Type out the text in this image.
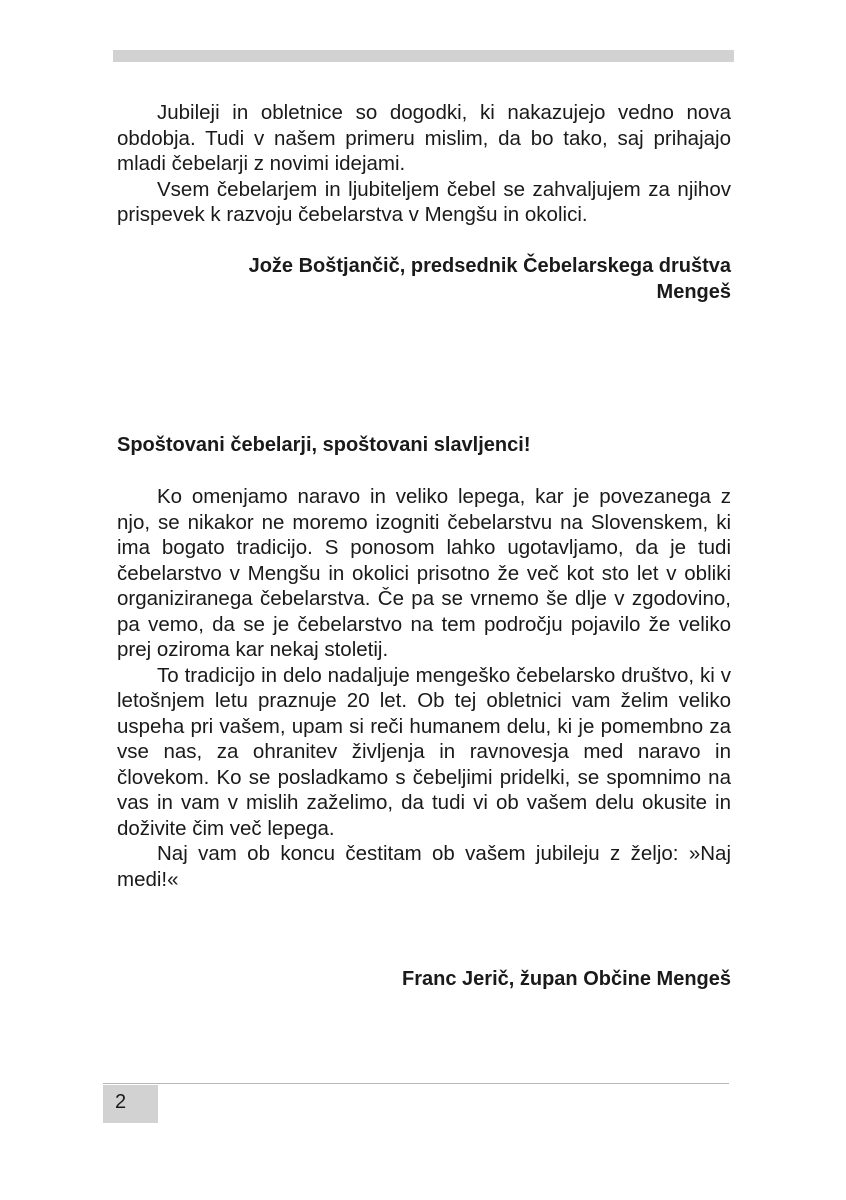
Jubileji in obletnice so dogodki, ki nakazujejo vedno nova obdobja. Tudi v našem primeru mislim, da bo tako, saj prihajajo mladi čebelarji z novimi idejami.

Vsem čebelarjem in ljubiteljem čebel se zahvaljujem za njihov prispevek k razvoju čebelarstva v Mengšu in okolici.

Jože Boštjančič, predsednik Čebelarskega društva
Mengeš
Spoštovani čebelarji, spoštovani slavljenci!

Ko omenjamo naravo in veliko lepega, kar je povezanega z njo, se nikakor ne moremo izogniti čebelarstvu na Slovenskem, ki ima bogato tradicijo. S ponosom lahko ugotavljamo, da je tudi čebelarstvo v Mengšu in okolici prisotno že več kot sto let v obliki organiziranega čebelarstva. Če pa se vrnemo še dlje v zgodovino, pa vemo, da se je čebelarstvo na tem področju pojavilo že veliko prej oziroma kar nekaj stoletij.

To tradicijo in delo nadaljuje mengeško čebelarsko društvo, ki v letošnjem letu praznuje 20 let. Ob tej obletnici vam želim veliko uspeha pri vašem, upam si reči humanem delu, ki je pomembno za vse nas, za ohranitev življenja in ravnovesja med naravo in človekom. Ko se posladkamo s čebeljimi pridelki, se spomnimo na vas in vam v mislih zaželimo, da tudi vi ob vašem delu okusite in doživite čim več lepega.

Naj vam ob koncu čestitam ob vašem jubileju z željo: »Naj medi!«

Franc Jerič, župan Občine Mengeš
2
